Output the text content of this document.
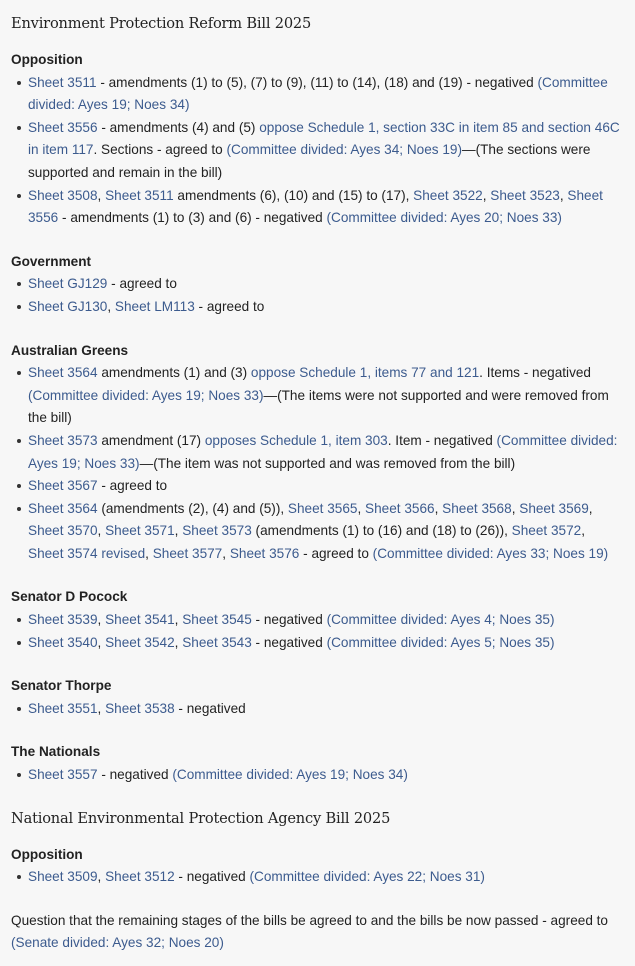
Environment Protection Reform Bill 2025
Opposition
Sheet 3511 - amendments (1) to (5), (7) to (9), (11) to (14), (18) and (19) - negatived (Committee divided: Ayes 19; Noes 34)
Sheet 3556 - amendments (4) and (5) oppose Schedule 1, section 33C in item 85 and section 46C in item 117. Sections - agreed to (Committee divided: Ayes 34; Noes 19)—(The sections were supported and remain in the bill)
Sheet 3508, Sheet 3511 amendments (6), (10) and (15) to (17), Sheet 3522, Sheet 3523, Sheet 3556 - amendments (1) to (3) and (6) - negatived (Committee divided: Ayes 20; Noes 33)
Government
Sheet GJ129 - agreed to
Sheet GJ130, Sheet LM113 - agreed to
Australian Greens
Sheet 3564 amendments (1) and (3) oppose Schedule 1, items 77 and 121. Items - negatived (Committee divided: Ayes 19; Noes 33)—(The items were not supported and were removed from the bill)
Sheet 3573 amendment (17) opposes Schedule 1, item 303. Item - negatived (Committee divided: Ayes 19; Noes 33)—(The item was not supported and was removed from the bill)
Sheet 3567 - agreed to
Sheet 3564 (amendments (2), (4) and (5)), Sheet 3565, Sheet 3566, Sheet 3568, Sheet 3569, Sheet 3570, Sheet 3571, Sheet 3573 (amendments (1) to (16) and (18) to (26)), Sheet 3572, Sheet 3574 revised, Sheet 3577, Sheet 3576 - agreed to (Committee divided: Ayes 33; Noes 19)
Senator D Pocock
Sheet 3539, Sheet 3541, Sheet 3545 - negatived (Committee divided: Ayes 4; Noes 35)
Sheet 3540, Sheet 3542, Sheet 3543 - negatived (Committee divided: Ayes 5; Noes 35)
Senator Thorpe
Sheet 3551, Sheet 3538 - negatived
The Nationals
Sheet 3557 - negatived (Committee divided: Ayes 19; Noes 34)
National Environmental Protection Agency Bill 2025
Opposition
Sheet 3509, Sheet 3512 - negatived (Committee divided: Ayes 22; Noes 31)

Question that the remaining stages of the bills be agreed to and the bills be now passed - agreed to (Senate divided: Ayes 32; Noes 20)
